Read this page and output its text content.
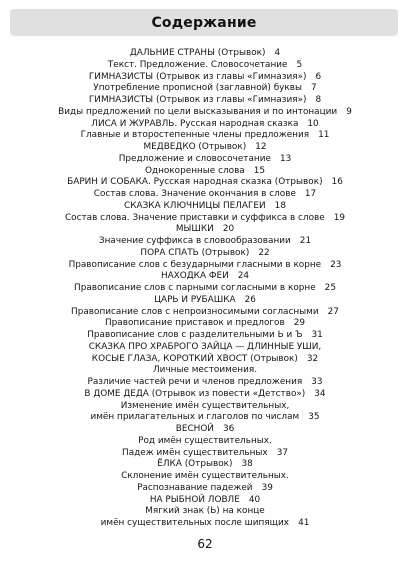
Содержание
ДАЛЬНИЕ СТРАНЫ (Отрывок) 4
Текст. Предложение. Словосочетание 5
ГИМНАЗИСТЫ (Отрывок из главы «Гимназия») 6
Употребление прописной (заглавной) буквы 7
ГИМНАЗИСТЫ (Отрывок из главы «Гимназия») 8
Виды предложений по цели высказывания и по интонации 9
ЛИСА И ЖУРАВЛЬ. Русская народная сказка 10
Главные и второстепенные члены предложения 11
МЕДВЕДКО (Отрывок) 12
Предложение и словосочетание 13
Однокоренные слова 15
БАРИН И СОБАКА. Русская народная сказка (Отрывок) 16
Состав слова. Значение окончания в слове 17
СКАЗКА КЛЮЧНИЦЫ ПЕЛАГЕИ 18
Состав слова. Значение приставки и суффикса в слове 19
МЫШКИ 20
Значение суффикса в словообразовании 21
ПОРА СПАТЬ (Отрывок) 22
Правописание слов с безударными гласными в корне 23
НАХОДКА ФЕИ 24
Правописание слов с парными согласными в корне 25
ЦАРЬ И РУБАШКА 26
Правописание слов с непроизносимыми согласными 27
Правописание приставок и предлогов 29
Правописание слов с разделительными Ь и Ъ 31
СКАЗКА ПРО ХРАБРОГО ЗАЙЦА — ДЛИННЫЕ УШИ,
КОСЫЕ ГЛАЗА, КОРОТКИЙ ХВОСТ (Отрывок) 32
Личные местоимения.
Различие частей речи и членов предложения 33
В ДОМЕ ДЕДА (Отрывок из повести «Детство») 34
Изменение имён существительных,
имён прилагательных и глаголов по числам 35
ВЕСНОЙ 36
Род имён существительных.
Падеж имён существительных 37
ЁЛКА (Отрывок) 38
Склонение имён существительных.
Распознавание падежей 39
НА РЫБНОЙ ЛОВЛЕ 40
Мягкий знак (Ь) на конце
имён существительных после шипящих 41
62
